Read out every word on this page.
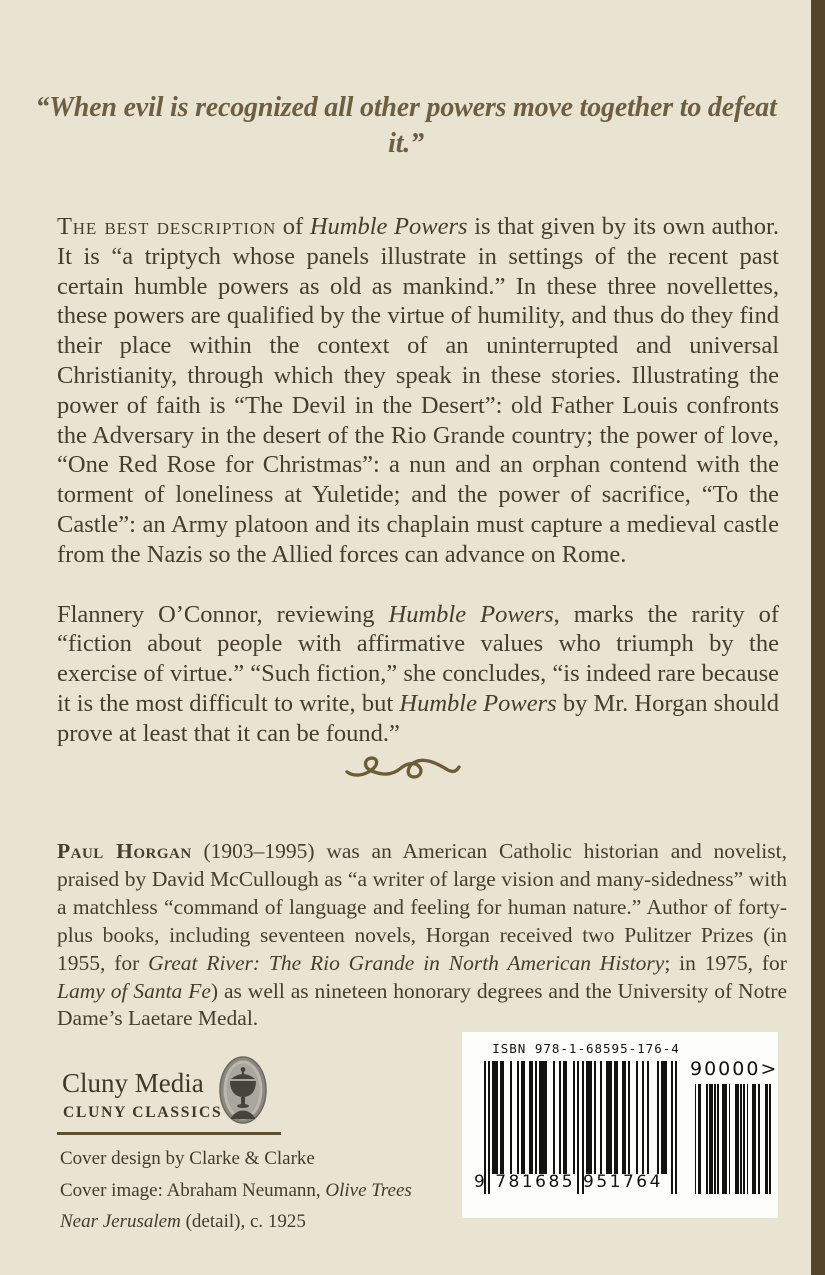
“When evil is recognized all other powers move together to defeat it.”

The best description of Humble Powers is that given by its own author. It is “a triptych whose panels illustrate in settings of the recent past certain humble powers as old as mankind.” In these three novellettes, these powers are qualified by the virtue of humility, and thus do they find their place within the context of an uninterrupted and universal Christianity, through which they speak in these stories. Illustrating the power of faith is “The Devil in the Desert”: old Father Louis confronts the Adversary in the desert of the Rio Grande country; the power of love, “One Red Rose for Christmas”: a nun and an orphan contend with the torment of loneliness at Yuletide; and the power of sacrifice, “To the Castle”: an Army platoon and its chaplain must capture a medieval castle from the Nazis so the Allied forces can advance on Rome.

Flannery O’Connor, reviewing Humble Powers, marks the rarity of “fiction about people with affirmative values who triumph by the exercise of virtue.” “Such fiction,” she concludes, “is indeed rare because it is the most difficult to write, but Humble Powers by Mr. Horgan should prove at least that it can be found.”

Paul Horgan (1903–1995) was an American Catholic historian and novelist, praised by David McCullough as “a writer of large vision and many-sidedness” with a matchless “command of language and feeling for human nature.” Author of forty-plus books, including seventeen novels, Horgan received two Pulitzer Prizes (in 1955, for Great River: The Rio Grande in North American History; in 1975, for Lamy of Santa Fe) as well as nineteen honorary degrees and the University of Notre Dame’s Laetare Medal.
Cluny Media
CLUNY CLASSICS
Cover design by Clarke & Clarke
Cover image: Abraham Neumann, Olive Trees Near Jerusalem (detail), c. 1925
ISBN 978-1-68595-176-4
9 781685 951764
90000>
